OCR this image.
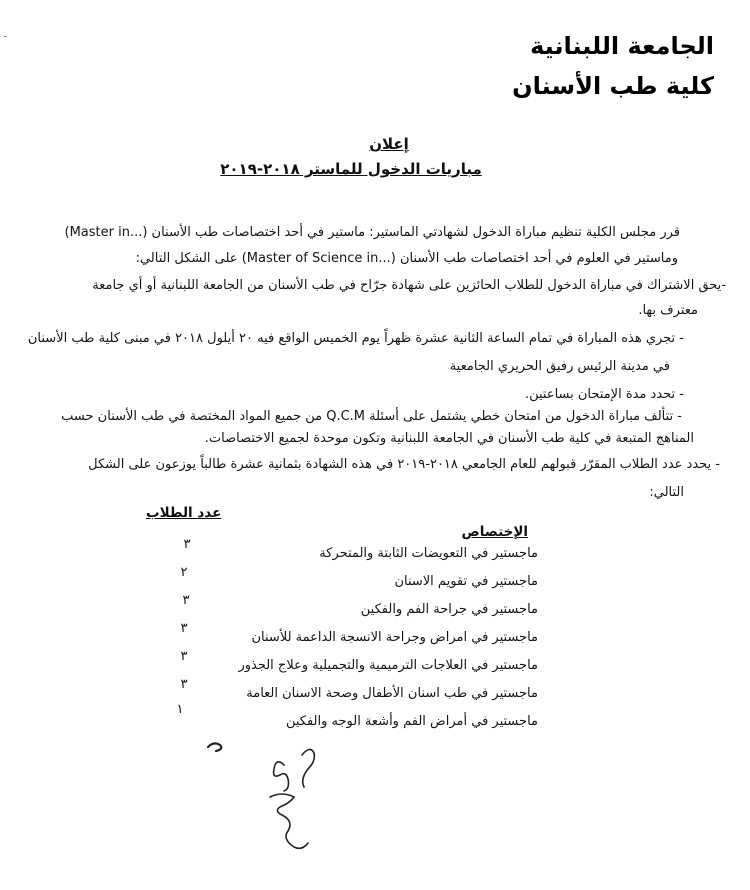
الجامعة اللبنانية
كلية طب الأسنان
إعلان
مباريات الدخول للماستر ٢٠١٨-٢٠١٩
قرر مجلس الكلية تنظيم مباراة الدخول لشهادتي الماستير: ماستير في أحد اختصاصات طب الأسنان (...Master in)
وماستير في العلوم في أحد اختصاصات طب الأسنان (...Master of Science in) على الشكل التالي:
-يحق الاشتراك في مباراة الدخول للطلاب الحائزين على شهادة جرّاح في طب الأسنان من الجامعة اللبنانية أو أي جامعة
معترف بها.
- تجري هذه المباراة في تمام الساعة الثانية عشرة ظهراً يوم الخميس الواقع فيه ٢٠ أيلول ٢٠١٨ في مبنى كلية طب الأسنان
في مدينة الرئيس رفيق الحريري الجامعية
- تحدد مدة الإمتحان بساعتين.
- تتألف مباراة الدخول من امتحان خطي يشتمل على أسئلة Q.C.M من جميع المواد المختصة في طب الأسنان حسب
المناهج المتبعة في كلية طب الأسنان في الجامعة اللبنانية وتكون موحدة لجميع الاختصاصات.
- يحدد عدد الطلاب المقرّر قبولهم للعام الجامعي ٢٠١٨-٢٠١٩ في هذه الشهادة بثمانية عشرة طالباً يوزعون على الشكل
التالي:
عدد الطلاب
الإختصاص
ماجستير في التعويضات الثابتة والمتحركة
٣
ماجستير في تقويم الاسنان
٢
ماجستير في جراحة الفم والفكين
٣
ماجستير في امراض وجراحة الانسجة الداعمة للأسنان
٣
ماجستير في العلاجات الترميمية والتجميلية وعلاج الجذور
٣
ماجستير في طب اسنان الأطفال وصحة الاسنان العامة
٣
ماجستير في أمراض الفم وأشعة الوجه والفكين
١
